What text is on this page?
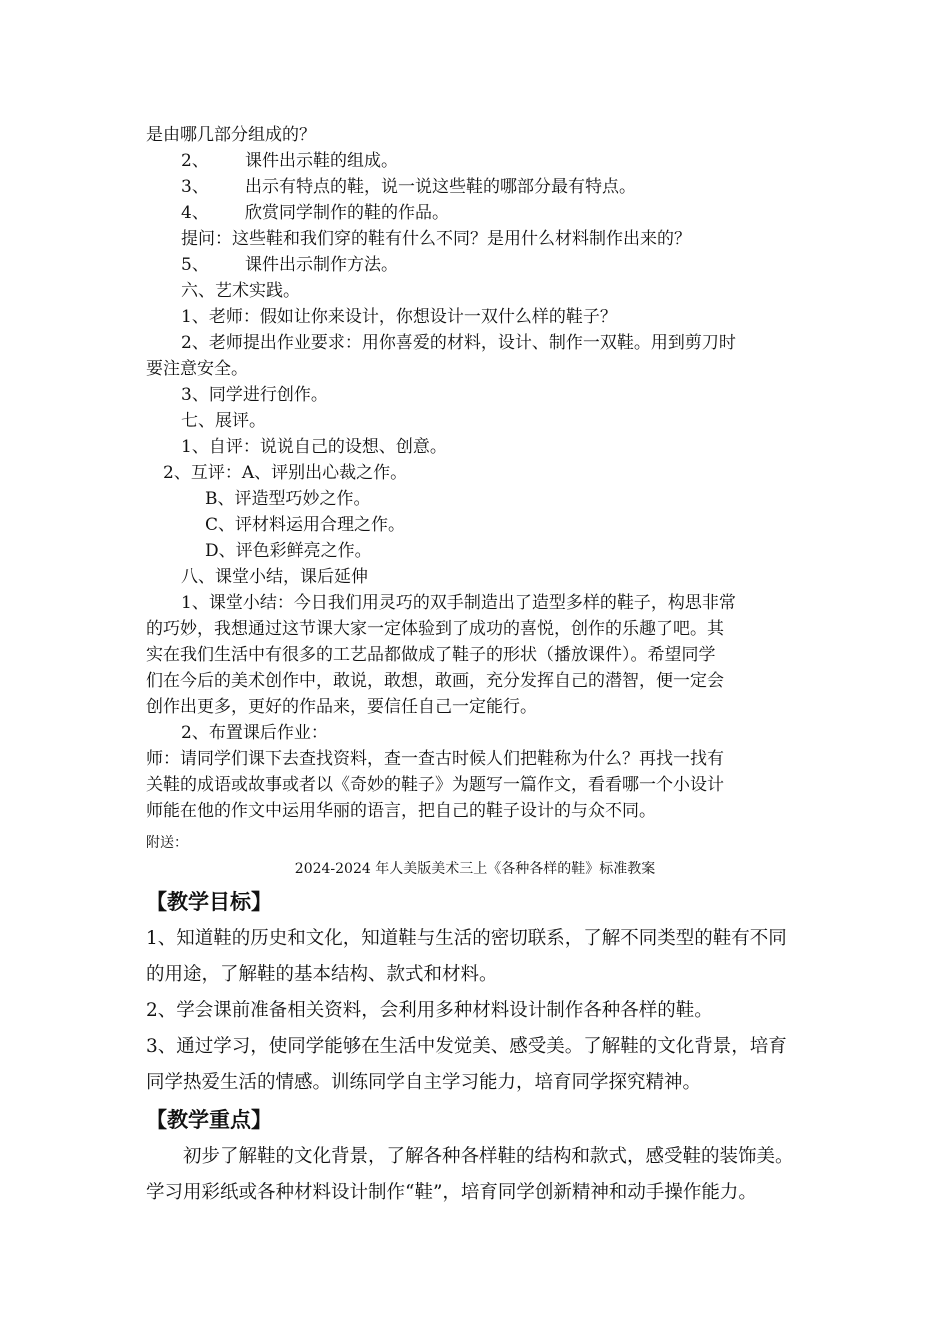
是由哪几部分组成的？
2、 课件出示鞋的组成。
3、 出示有特点的鞋，说一说这些鞋的哪部分最有特点。
4、 欣赏同学制作的鞋的作品。
提问：这些鞋和我们穿的鞋有什么不同？是用什么材料制作出来的？
5、 课件出示制作方法。
六、艺术实践。
1、老师：假如让你来设计，你想设计一双什么样的鞋子？
2、老师提出作业要求：用你喜爱的材料，设计、制作一双鞋。用到剪刀时
要注意安全。
3、同学进行创作。
七、展评。
1、自评：说说自己的设想、创意。
2、互评：A、评别出心裁之作。
B、评造型巧妙之作。
C、评材料运用合理之作。
D、评色彩鲜亮之作。
八、课堂小结，课后延伸
1、课堂小结：今日我们用灵巧的双手制造出了造型多样的鞋子，构思非常
的巧妙，我想通过这节课大家一定体验到了成功的喜悦，创作的乐趣了吧。其
实在我们生活中有很多的工艺品都做成了鞋子的形状（播放课件）。希望同学
们在今后的美术创作中，敢说，敢想，敢画，充分发挥自己的潜智，便一定会
创作出更多，更好的作品来，要信任自己一定能行。
2、布置课后作业：
师：请同学们课下去查找资料，查一查古时候人们把鞋称为什么？再找一找有
关鞋的成语或故事或者以《奇妙的鞋子》为题写一篇作文，看看哪一个小设计
师能在他的作文中运用华丽的语言，把自己的鞋子设计的与众不同。
附送：
2024-2024 年人美版美术三上《各种各样的鞋》标准教案
【教学目标】
1、知道鞋的历史和文化，知道鞋与生活的密切联系，了解不同类型的鞋有不同
的用途，了解鞋的基本结构、款式和材料。
2、学会课前准备相关资料，会利用多种材料设计制作各种各样的鞋。
3、通过学习，使同学能够在生活中发觉美、感受美。了解鞋的文化背景，培育
同学热爱生活的情感。训练同学自主学习能力，培育同学探究精神。
【教学重点】
初步了解鞋的文化背景，了解各种各样鞋的结构和款式，感受鞋的装饰美。
学习用彩纸或各种材料设计制作“鞋”，培育同学创新精神和动手操作能力。
